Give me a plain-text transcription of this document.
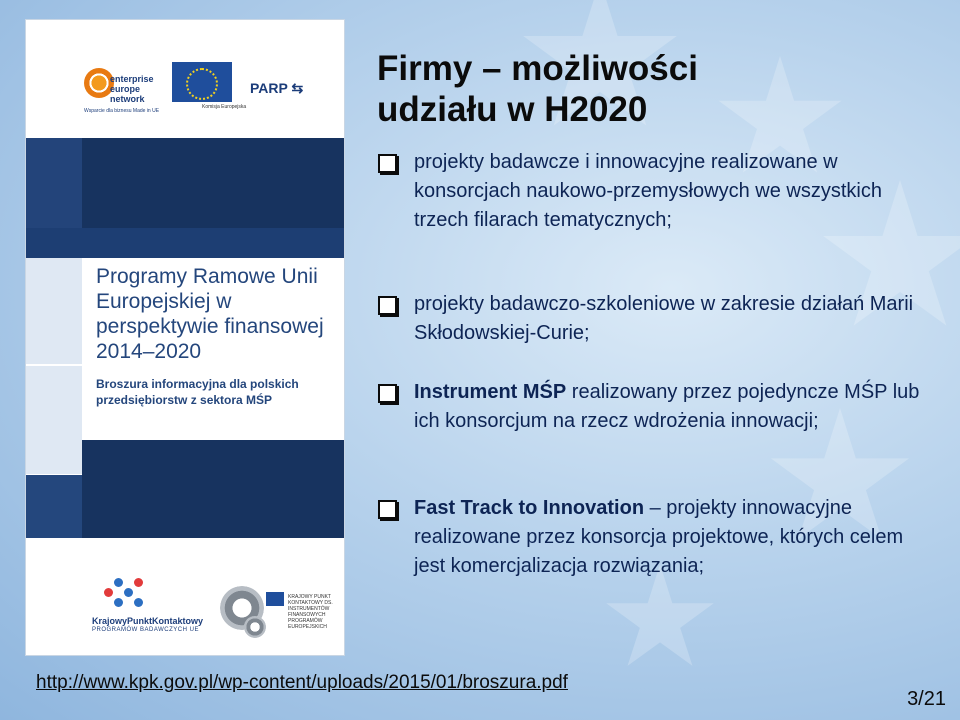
enterprise europe network
Wsparcie dla biznesu Made in UE
Komisja Europejska
PARP ⇆
2014
Programy Ramowe Unii Europejskiej w perspektywie finansowej 2014–2020
Broszura informacyjna dla polskich przedsiębiorstw z sektora MŚP
KrajowyPunktKontaktowy
PROGRAMÓW BADAWCZYCH UE
KRAJOWY PUNKT KONTAKTOWY DS. INSTRUMENTÓW FINANSOWYCH PROGRAMÓW EUROPEJSKICH
Firmy – możliwości
udziału w H2020
projekty badawcze i innowacyjne realizowane w konsorcjach naukowo-przemysłowych we wszystkich trzech filarach tematycznych;
projekty badawczo-szkoleniowe w zakresie działań Marii Skłodowskiej-Curie;
Instrument MŚP realizowany przez pojedyncze MŚP lub ich konsorcjum na rzecz wdrożenia innowacji;
Fast Track to Innovation – projekty innowacyjne realizowane przez konsorcja projektowe, których celem jest komercjalizacja rozwiązania;
http://www.kpk.gov.pl/wp-content/uploads/2015/01/broszura.pdf
3/21
